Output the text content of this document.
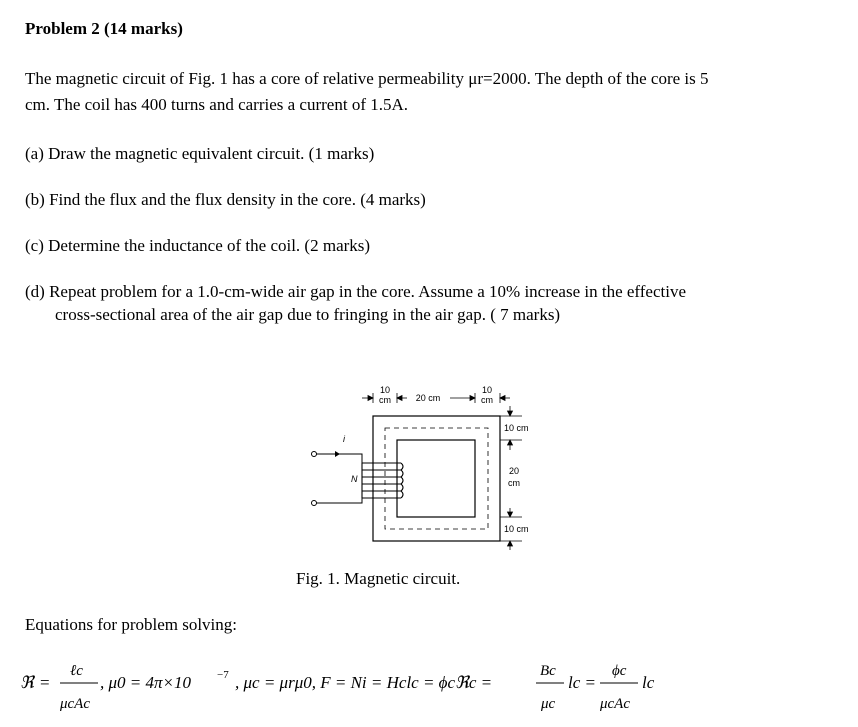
Problem 2 (14 marks)
The magnetic circuit of Fig. 1 has a core of relative permeability μr=2000. The depth of the core is 5
cm. The coil has 400 turns and carries a current of 1.5A.
(a) Draw the magnetic equivalent circuit. (1 marks)
(b) Find the flux and the flux density in the core. (4 marks)
(c) Determine the inductance of the coil. (2 marks)
(d) Repeat problem for a 1.0-cm-wide air gap in the core. Assume a 10% increase in the effective
cross-sectional area of the air gap due to fringing in the air gap. ( 7 marks)
i
N
10
cm	20 cm
10
cm
10 cm
20
cm
10 cm
Fig. 1. Magnetic circuit.
Equations for problem solving:
ℜ =
ℓc
μcAc
, μ0 = 4π×10 −7 , μc = μrμ0, F = Ni = Hclc = ϕcℜc =
Bc
μc
lc =
ϕc
μcAc
lc
